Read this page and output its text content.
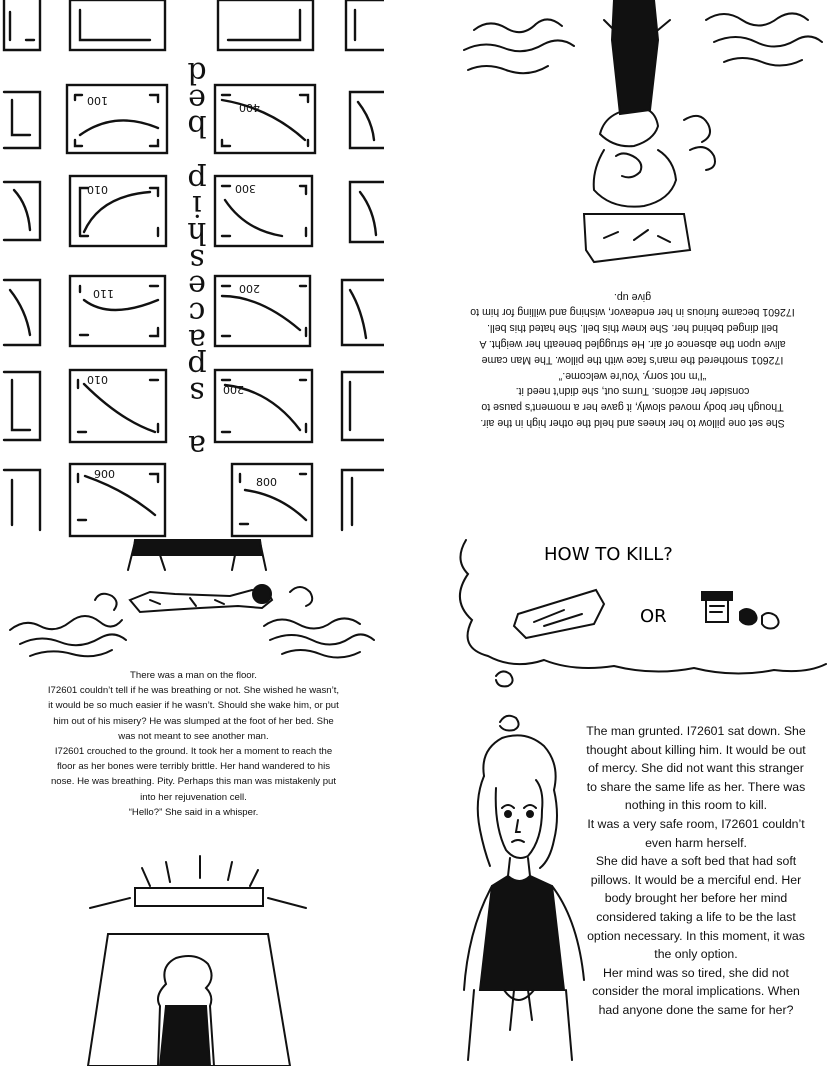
100
400
010	300
110	200
010
200
900
800
a
s
p
a
c
e
s
h
i
p
b
e
d

There was a man on the floor.

I72601 couldn’t tell if he was breathing or not. She wished he wasn’t, it would be so much easier if he wasn’t. Should she wake him, or put him out of his misery? He was slumped at the foot of her bed. She was not meant to see another man.

I72601 crouched to the ground. It took her a moment to reach the floor as her bones were terribly brittle. Her hand wandered to his nose. He was breathing. Pity. Perhaps this man was mistakenly put into her rejuvenation cell.

“Hello?” She said in a whisper.

She set one pillow to her knees and held the other high in the air. Though her body moved slowly, it gave her a moment’s pause to consider her actions. Turns out, she didn’t need it.

“I’m not sorry. You’re welcome.”

I72601 smothered the man’s face with the pillow. The Man came alive upon the absence of air. He struggled beneath her weight. A bell dinged behind her. She knew this bell. She hated this bell. I72601 became furious in her endeavor, wishing and willing for him to give up.

HOW TO KILL?
OR

The man grunted. I72601 sat down. She thought about killing him. It would be out of mercy. She did not want this stranger to share the same life as her. There was nothing in this room to kill.

It was a very safe room, I72601 couldn’t even harm herself.

She did have a soft bed that had soft pillows. It would be a merciful end. Her body brought her before her mind considered taking a life to be the last option necessary. In this moment, it was the only option.

Her mind was so tired, she did not consider the moral implications. When had anyone done the same for her?
